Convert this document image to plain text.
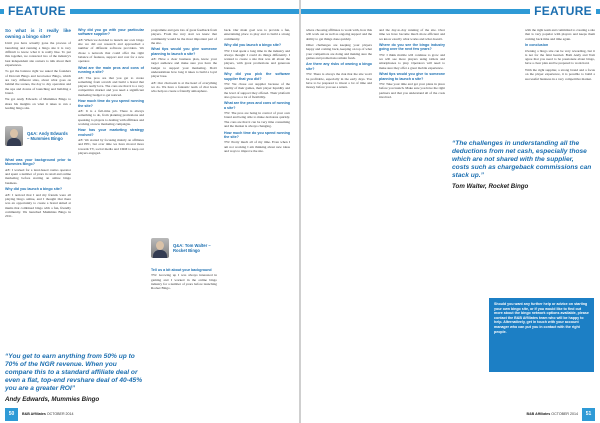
FEATURE

So what is it really like owning a bingo site?

Until you have actually gone the process of launching and running a bingo site it is very difficult to know what it is really like. To put this together, we contacted two of the industry's best independent site owners to talk about their experiences.

To get the balance right we asked the founders of Dotcom Bingo and Grosvenor Bingo, which are very different sites, about what goes on behind the scenes, the day to day operation and the ups and downs of launching and building a brand.

We got Andy Edwards of Mummies Bingo to share his insights on what it takes to run a leading bingo site.

Q&A: Andy Edwards – Mummies Bingo

What was your background prior to Mummies Bingo?

AE: I worked for a land-based casino operator and spent a number of years in retail and online marketing before starting an online bingo business.

Why did you launch a bingo site?

AE: I noticed that I and my friends were all playing bingo online, and I thought that there was an opportunity to create a brand aimed at mums that combined bingo with a fun, friendly community. We launched Mummies Bingo in 2011.

Why did you go with your particular software supplier?

AE: When we decided to launch our own bingo site we did our research and approached a number of different software providers. We chose a network that could offer the right balance of features, support and cost for a new operator.

What are the main pros and cons of running a site?

AE: The pros are that you get to create something from scratch and build a brand that players really love. The cons are that it is a very competitive market and you need a significant marketing budget to get noticed.

How much time do you spend running the site?

AE: It is a full-time job. There is always something to do, from planning promotions and speaking to players to dealing with affiliates and working on new marketing campaigns.

How has your marketing strategy evolved?

AE: We started by focusing mainly on affiliates and PPC, but over time we have moved more towards TV, social media and CRM to keep our players engaged.

programme and gets lots of great feedback from players. From the very start we knew that community would be the most important part of the site.

What tips would you give someone planning to launch a site?

AE: Have a clear business plan, know your target audience and make sure you have the budget to support your marketing. Don't underestimate how long it takes to build a loyal player base.

AE: Our chatroom is at the heart of everything we do. We have a fantastic team of chat hosts who help us create a friendly atmosphere.

Q&A: Tom Walter – Rocket Bingo

Tell us a bit about your background

TW: Growing up I was always interested in gaming and I worked in the online bingo industry for a number of years before launching Rocket Bingo.

back. Our main goal was to provide a fun, entertaining place to play and to build a strong community.

Why did you launch a bingo site?

TW: I had spent a long time in the industry and always thought I could do things differently. I wanted to create a site that was all about the players, with great promotions and generous bonuses.

Why did you pick the software supplier that you did?

TW: We chose our supplier because of the quality of their games, their player liquidity and the level of support they offered. Their platform also gave us a lot of flexibility.

What are the pros and cons of running a site?

TW: The pros are being in control of your own brand and being able to make decisions quickly. The cons are that it can be very time consuming and the market is always changing.

How much time do you spend running the site?

TW: Pretty much all of my time. Even when I am not working I am thinking about new ideas and ways to improve the site.

“You get to earn anything from 50% up to 70% of the NGR revenue. When you compare this to a standard affiliate deal or even a flat, top-end revshare deal of 40-45% you are a greater ROI”
Andy Edwards, Mummies Bingo
50	B&B Affiliates OCTOBER 2014
FEATURE

where choosing affiliates to work with, how this will work out as well as ongoing support and the ability to get things done quickly.

Other challenges are keeping your players happy and coming back, keeping on top of what your competitors are doing and making sure the games and promotions remain fresh.

Are there any risks of owning a bingo site?

TW: There is always the risk that the site won't be profitable, especially in the early days. You have to be prepared to invest a lot of time and money before you see a return.

and the day-to-day running of the site. Over time we have become much more efficient and we know exactly what works and what doesn't.

Where do you see the bingo industry going over the next few years?

TW: I think mobile will continue to grow and we will see more players using tablets and smartphones to play. Operators will need to make sure they offer a great mobile experience.

What tips would you give to someone planning to launch a site?

TW: Take your time and get your plans in place before you launch. Make sure you have the right partners and that you understand all of the costs involved.

“The challenges in understanding all the deductions from net cash, especially those which are not shared with the supplier, costs such as chargeback commissions can stack up.”
Tom Walter, Rocket Bingo

with the right team and committed to creating a site that is very popular with players and keeps them coming back time and time again.

In conclusion

Owning a bingo site can be very rewarding, but it is not for the faint hearted. Both Andy and Tom agree that you need to be passionate about bingo, have a clear plan and be prepared to work hard.

With the right supplier, a strong brand and a focus on the player experience, it is possible to build a successful business in a very competitive market.

Should you want any further help or advice on starting your own bingo site, or if you would like to find out more about the bingo network options available, please contact the B&B Affiliates team who will be happy to help. Alternatively, get in touch with your account manager who can put you in contact with the right people.
B&B Affiliates OCTOBER 2014	51
